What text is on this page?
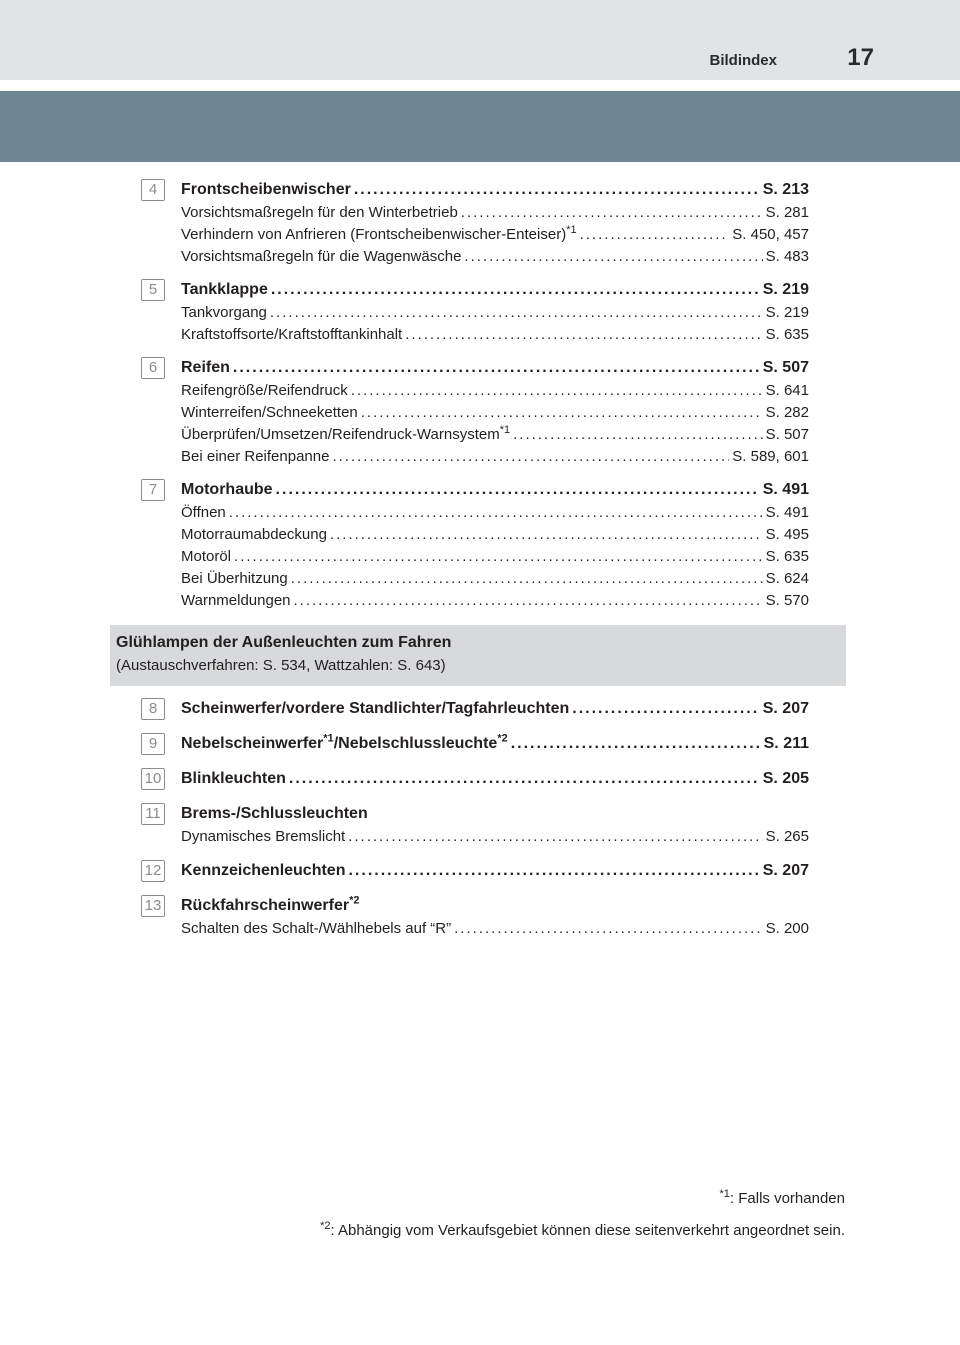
Bildindex	17
4	Frontscheibenwischer .....	S. 213
Vorsichtsmaßregeln für den Winterbetrieb .....	S. 281
Verhindern von Anfrieren (Frontscheibenwischer-Enteiser)$^{*1}$ .....	S. 450, 457
Vorsichtsmaßregeln für die Wagenwäsche .....	S. 483
5	Tankklappe .....	S. 219
Tankvorgang .....	S. 219
Kraftstoffsorte/Kraftstofftankinhalt .....	S. 635
6	Reifen .....	S. 507
Reifengröße/Reifendruck .....	S. 641
Winterreifen/Schneeketten .....	S. 282
Überprüfen/Umsetzen/Reifendruck-Warnsystem$^{*1}$ .....	S. 507
Bei einer Reifenpanne .....	S. 589, 601
7	Motorhaube .....	S. 491
Öffnen .....	S. 491
Motorraumabdeckung .....	S. 495
Motoröl .....	S. 635
Bei Überhitzung .....	S. 624
Warnmeldungen .....	S. 570
Glühlampen der Außenleuchten zum Fahren
(Austauschverfahren: S. 534, Wattzahlen: S. 643)
8	Scheinwerfer/vordere Standlichter/Tagfahrleuchten .....	S. 207
9	Nebelscheinwerfer$^{*1}$/Nebelschlussleuchte$^{*2}$ .....	S. 211
10 Blinkleuchten .....	S. 205
11 Brems-/Schlussleuchten
Dynamisches Bremslicht .....	S. 265
12 Kennzeichenleuchten .....	S. 207
13 Rückfahrscheinwerfer$^{*2}$
Schalten des Schalt-/Wählhebels auf “R” .....	S. 200
$^{*1}$: Falls vorhanden
$^{*2}$: Abhängig vom Verkaufsgebiet können diese seitenverkehrt angeordnet sein.
